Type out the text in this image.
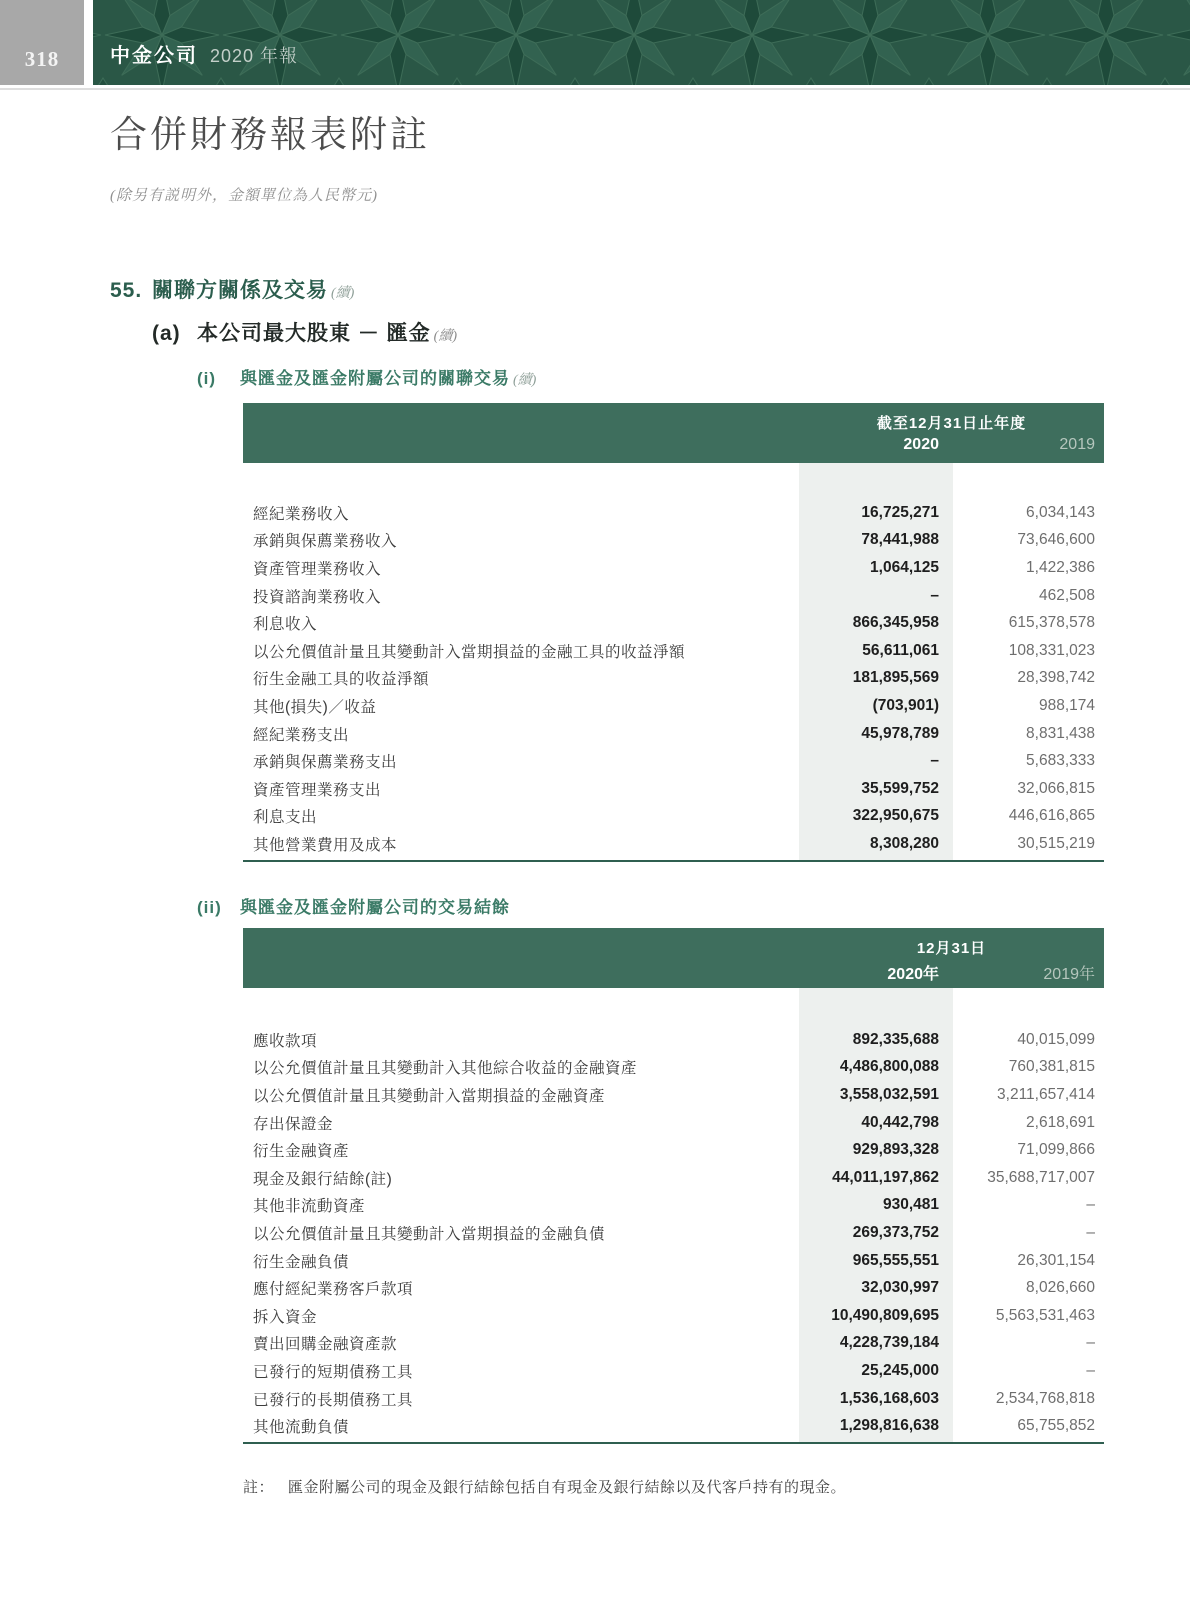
318	中金公司 2020 年報
合併財務報表附註
(除另有説明外，金額單位為人民幣元)
55. 關聯方關係及交易 (續)
(a) 本公司最大股東 － 匯金 (續)
(i)	與匯金及匯金附屬公司的關聯交易 (續)
截至12月31日止年度
2020	2019
經紀業務收入	16,725,271	6,034,143
承銷與保薦業務收入	78,441,988	73,646,600
資產管理業務收入	1,064,125	1,422,386
投資諮詢業務收入	–	462,508
利息收入	866,345,958	615,378,578
以公允價值計量且其變動計入當期損益的金融工具的收益淨額	56,611,061	108,331,023
衍生金融工具的收益淨額	181,895,569	28,398,742
其他(損失)／收益	(703,901)	988,174
經紀業務支出	45,978,789	8,831,438
承銷與保薦業務支出	–	5,683,333
資產管理業務支出	35,599,752	32,066,815
利息支出	322,950,675	446,616,865
其他營業費用及成本	8,308,280	30,515,219
(ii)	與匯金及匯金附屬公司的交易結餘
12月31日
2020年	2019年
應收款項	892,335,688	40,015,099
以公允價值計量且其變動計入其他綜合收益的金融資產	4,486,800,088	760,381,815
以公允價值計量且其變動計入當期損益的金融資產	3,558,032,591	3,211,657,414
存出保證金	40,442,798	2,618,691
衍生金融資產	929,893,328	71,099,866
現金及銀行結餘(註)	44,011,197,862	35,688,717,007
其他非流動資產	930,481	–
以公允價值計量且其變動計入當期損益的金融負債	269,373,752	–
衍生金融負債	965,555,551	26,301,154
應付經紀業務客戶款項	32,030,997	8,026,660
拆入資金	10,490,809,695	5,563,531,463
賣出回購金融資產款	4,228,739,184	–
已發行的短期債務工具	25,245,000	–
已發行的長期債務工具	1,536,168,603	2,534,768,818
其他流動負債	1,298,816,638	65,755,852
註： 匯金附屬公司的現金及銀行結餘包括自有現金及銀行結餘以及代客戶持有的現金。
